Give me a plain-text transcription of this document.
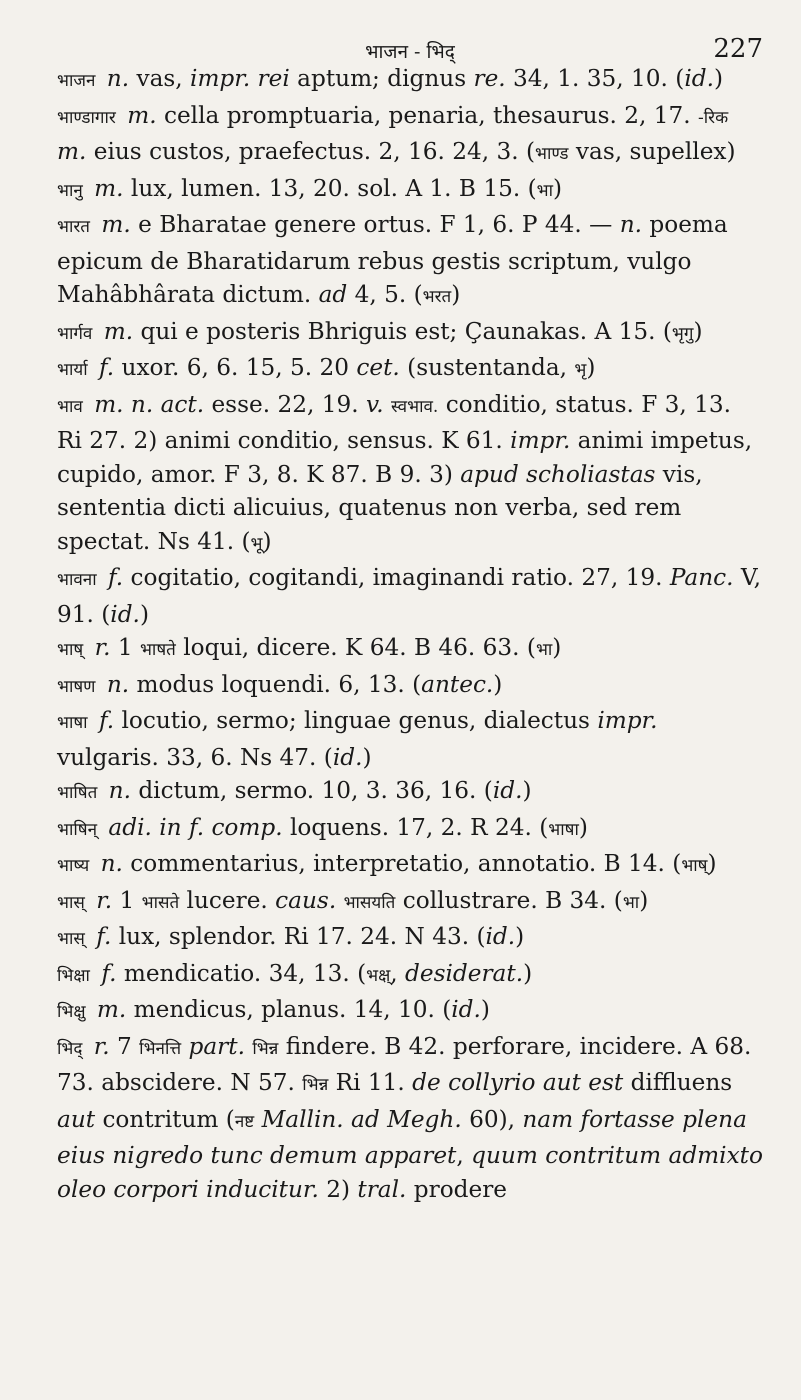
भाजन - भिद्	227

भाजन n. vas, impr. rei aptum; dignus re. 34, 1. 35, 10. (id.)

भाण्डागार m. cella promptuaria, penaria, thesaurus. 2, 17. -रिक m. eius custos, praefectus. 2, 16. 24, 3. (भाण्ड vas, supellex)

भानु m. lux, lumen. 13, 20. sol. A 1. B 15. (भा)

भारत m. e Bharatae genere ortus. F 1, 6. P 44. — n. poema epicum de Bharatidarum rebus gestis scriptum, vulgo Mahâbhârata dictum. ad 4, 5. (भरत)

भार्गव m. qui e posteris Bhriguis est; Çaunakas. A 15. (भृगु)

भार्या f. uxor. 6, 6. 15, 5. 20 cet. (sustentanda, भृ)

भाव m. n. act. esse. 22, 19. v. स्वभाव. conditio, status. F 3, 13. Ri 27. 2) animi conditio, sensus. K 61. impr. animi impetus, cupido, amor. F 3, 8. K 87. B 9. 3) apud scholiastas vis, sententia dicti alicuius, quatenus non verba, sed rem spectat. Ns 41. (भू)

भावना f. cogitatio, cogitandi, imaginandi ratio. 27, 19. Panc. V, 91. (id.)

भाष् r. 1 भाषते loqui, dicere. K 64. B 46. 63. (भा)

भाषण n. modus loquendi. 6, 13. (antec.)

भाषा f. locutio, sermo; linguae genus, dialectus impr. vulgaris. 33, 6. Ns 47. (id.)

भाषित n. dictum, sermo. 10, 3. 36, 16. (id.)

भाषिन् adi. in f. comp. loquens. 17, 2. R 24. (भाषा)

भाष्य n. commentarius, interpretatio, annotatio. B 14. (भाष्)

भास् r. 1 भासते lucere. caus. भासयति collustrare. B 34. (भा)

भास् f. lux, splendor. Ri 17. 24. N 43. (id.)

भिक्षा f. mendicatio. 34, 13. (भक्ष्, desiderat.)

भिक्षु m. mendicus, planus. 14, 10. (id.)

भिद् r. 7 भिनत्ति part. भिन्न findere. B 42. perforare, incidere. A 68. 73. abscidere. N 57. भिन्न Ri 11. de collyrio aut est diffluens aut contritum (नष्ट Mallin. ad Megh. 60), nam fortasse plena eius nigredo tunc demum apparet, quum contritum admixto oleo corpori inducitur. 2) tral. prodere
